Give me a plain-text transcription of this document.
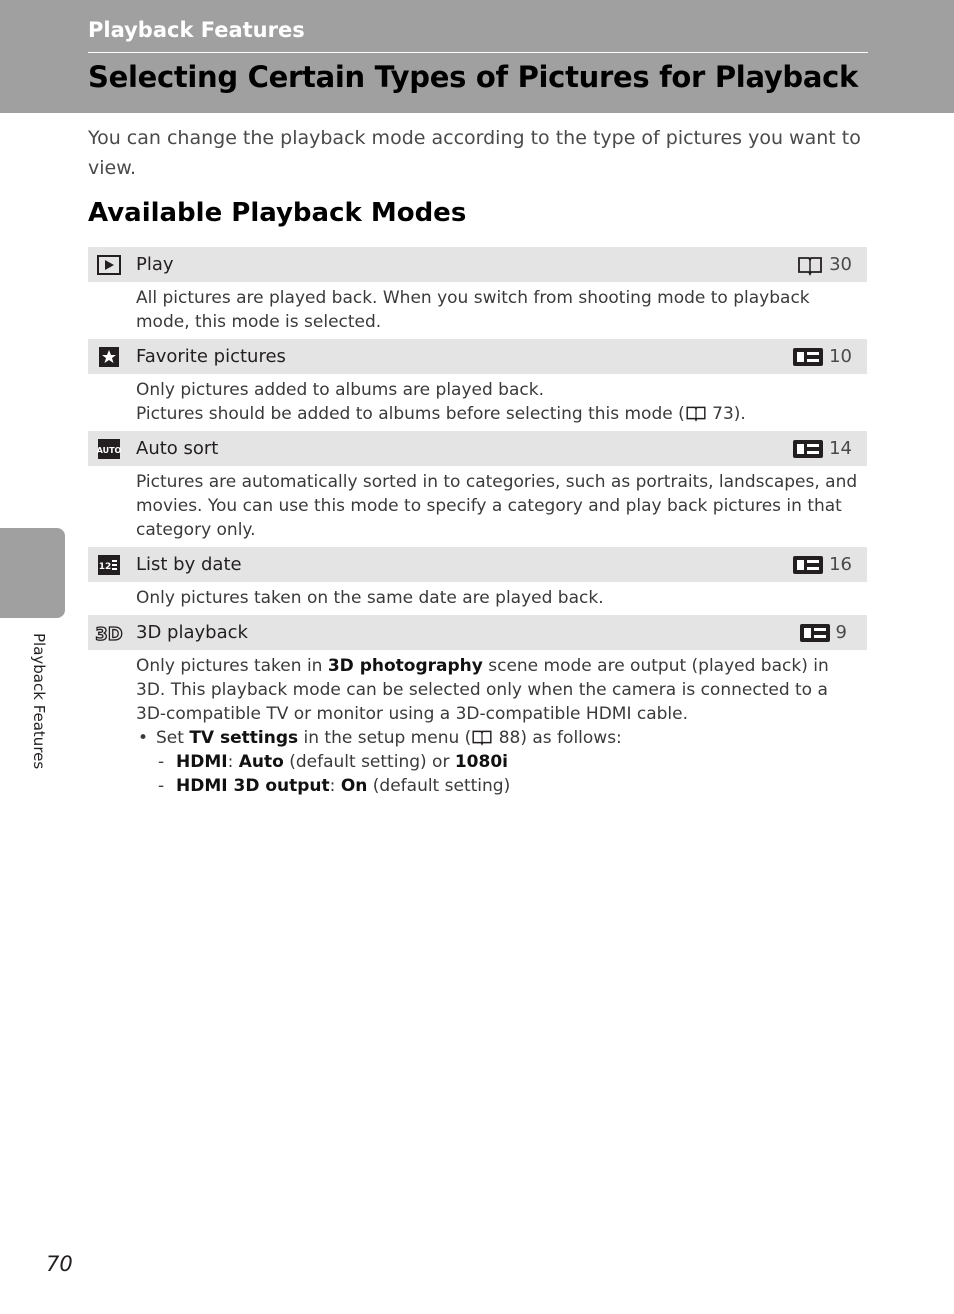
Playback Features
Selecting Certain Types of Pictures for Playback
You can change the playback mode according to the type of pictures you want to view.
Available Playback Modes
Play	30

All pictures are played back. When you switch from shooting mode to playback mode, this mode is selected.

Favorite pictures	10

Only pictures added to albums are played back.

Pictures should be added to albums before selecting this mode ( 73).

AUTO Auto sort	14

Pictures are automatically sorted in to categories, such as portraits, landscapes, and movies. You can use this mode to specify a category and play back pictures in that category only.

12 List by date	16

Only pictures taken on the same date are played back.

3D 3D playback	9

Only pictures taken in 3D photography scene mode are output (played back) in 3D. This playback mode can be selected only when the camera is connected to a 3D-compatible TV or monitor using a 3D-compatible HDMI cable.

• Set TV settings in the setup menu ( 88) as follows:

- HDMI: Auto (default setting) or 1080i

- HDMI 3D output: On (default setting)

Playback Features
70
